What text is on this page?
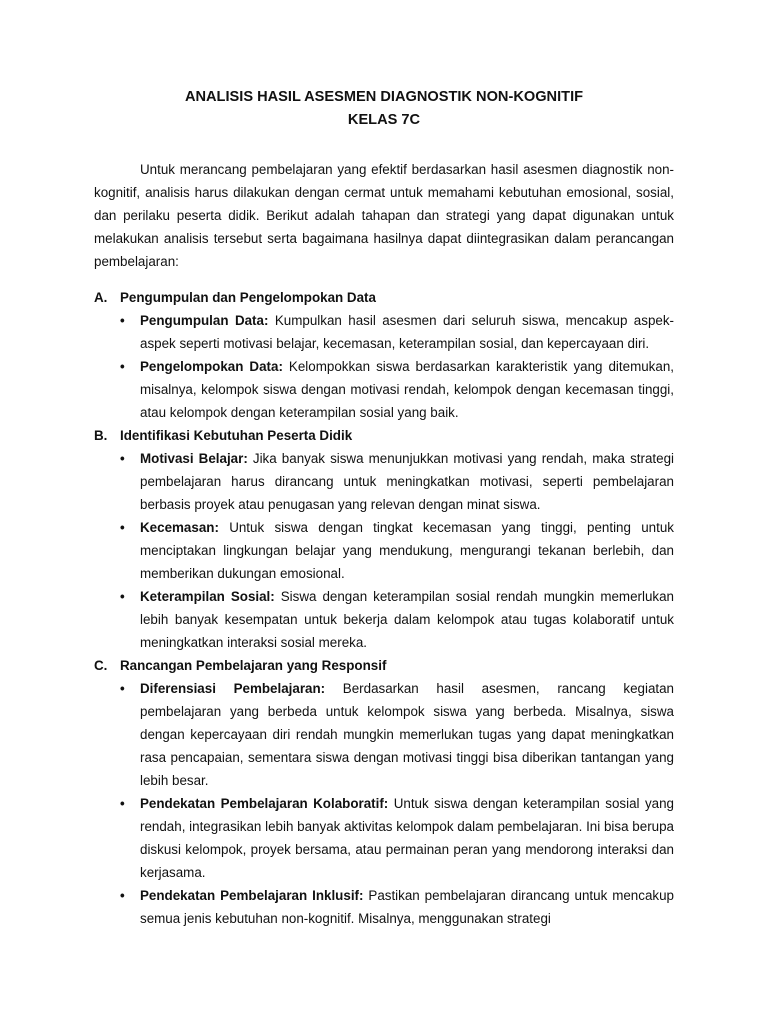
ANALISIS HASIL ASESMEN DIAGNOSTIK NON-KOGNITIF
KELAS 7C

Untuk merancang pembelajaran yang efektif berdasarkan hasil asesmen diagnostik non-kognitif, analisis harus dilakukan dengan cermat untuk memahami kebutuhan emosional, sosial, dan perilaku peserta didik. Berikut adalah tahapan dan strategi yang dapat digunakan untuk melakukan analisis tersebut serta bagaimana hasilnya dapat diintegrasikan dalam perancangan pembelajaran:

A. Pengumpulan dan Pengelompokan Data
•	Pengumpulan Data: Kumpulkan hasil asesmen dari seluruh siswa, mencakup aspek-aspek seperti motivasi belajar, kecemasan, keterampilan sosial, dan kepercayaan diri.
•	Pengelompokan Data: Kelompokkan siswa berdasarkan karakteristik yang ditemukan, misalnya, kelompok siswa dengan motivasi rendah, kelompok dengan kecemasan tinggi, atau kelompok dengan keterampilan sosial yang baik.
B. Identifikasi Kebutuhan Peserta Didik
•	Motivasi Belajar: Jika banyak siswa menunjukkan motivasi yang rendah, maka strategi pembelajaran harus dirancang untuk meningkatkan motivasi, seperti pembelajaran berbasis proyek atau penugasan yang relevan dengan minat siswa.
•	Kecemasan: Untuk siswa dengan tingkat kecemasan yang tinggi, penting untuk menciptakan lingkungan belajar yang mendukung, mengurangi tekanan berlebih, dan memberikan dukungan emosional.
•	Keterampilan Sosial: Siswa dengan keterampilan sosial rendah mungkin memerlukan lebih banyak kesempatan untuk bekerja dalam kelompok atau tugas kolaboratif untuk meningkatkan interaksi sosial mereka.
C. Rancangan Pembelajaran yang Responsif
•	Diferensiasi Pembelajaran: Berdasarkan hasil asesmen, rancang kegiatan pembelajaran yang berbeda untuk kelompok siswa yang berbeda. Misalnya, siswa dengan kepercayaan diri rendah mungkin memerlukan tugas yang dapat meningkatkan rasa pencapaian, sementara siswa dengan motivasi tinggi bisa diberikan tantangan yang lebih besar.
•	Pendekatan Pembelajaran Kolaboratif: Untuk siswa dengan keterampilan sosial yang rendah, integrasikan lebih banyak aktivitas kelompok dalam pembelajaran. Ini bisa berupa diskusi kelompok, proyek bersama, atau permainan peran yang mendorong interaksi dan kerjasama.
•	Pendekatan Pembelajaran Inklusif: Pastikan pembelajaran dirancang untuk mencakup semua jenis kebutuhan non-kognitif. Misalnya, menggunakan strategi
